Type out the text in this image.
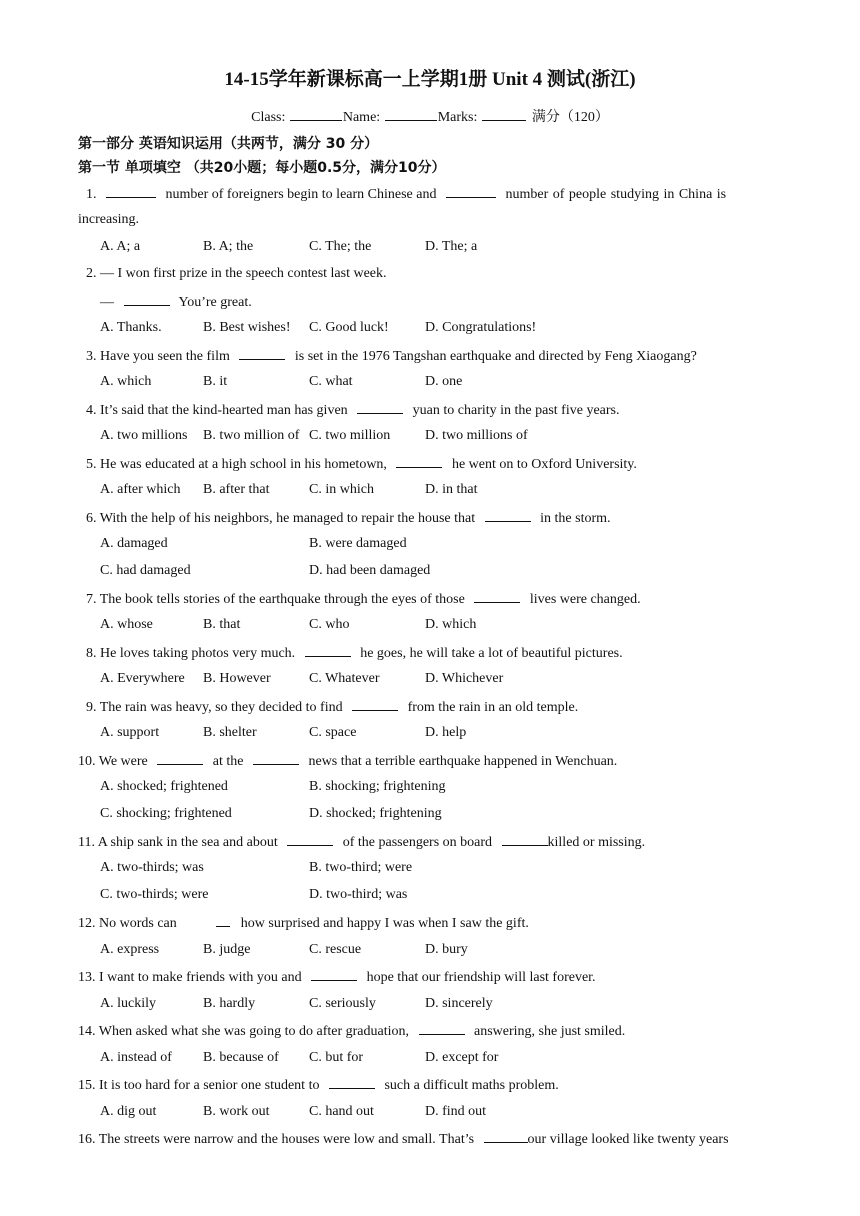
14-15学年新课标高一上学期1册 Unit 4 测试(浙江)
Class:	Name:	Marks:	满分（120）
第一部分 英语知识运用（共两节，满分 30 分）
第一节 单项填空 （共20小题；每小题0.5分，满分10分）
1.	number of foreigners begin to learn Chinese and	number of people studying in China is
increasing.
A. A; a	B. A; the	C. The; the	D. The; a
2. — I won first prize in the speech contest last week.
—	You’re great.
A. Thanks.	B. Best wishes! C. Good luck!	D. Congratulations!
3. Have you seen the film	is set in the 1976 Tangshan earthquake and directed by Feng Xiaogang?
A. which	B. it	C. what	D. one
4. It’s said that the kind-hearted man has given	yuan to charity in the past five years.
A. two millions B. two million of C. two million D. two millions of
5. He was educated at a high school in his hometown,	he went on to Oxford University.
A. after which B. after that	C. in which	D. in that
6. With the help of his neighbors, he managed to repair the house that	in the storm.
A. damaged	B. were damaged
C. had damaged	D. had been damaged
7. The book tells stories of the earthquake through the eyes of those	lives were changed.
A. whose	B. that	C. who	D. which
8. He loves taking photos very much.	he goes, he will take a lot of beautiful pictures.
A. Everywhere B. However	C. Whatever	D. Whichever
9. The rain was heavy, so they decided to find	from the rain in an old temple.
A. support	B. shelter	C. space	D. help
10. We were	at the	news that a terrible earthquake happened in Wenchuan.
A. shocked; frightened	B. shocking; frightening
C. shocking; frightened	D. shocked; frightening
11. A ship sank in the sea and about	of the passengers on board	killed or missing.
A. two-thirds; was	B. two-third; were
C. two-thirds; were	D. two-third; was
12. No words can	how surprised and happy I was when I saw the gift.
A. express	B. judge	C. rescue	D. bury
13. I want to make friends with you and	hope that our friendship will last forever.
A. luckily	B. hardly	C. seriously	D. sincerely
14. When asked what she was going to do after graduation,	answering, she just smiled.
A. instead of B. because of C. but for	D. except for
15. It is too hard for a senior one student to	such a difficult maths problem.
A. dig out	B. work out	C. hand out	D. find out
16. The streets were narrow and the houses were low and small. That’s	our village looked like twenty years
